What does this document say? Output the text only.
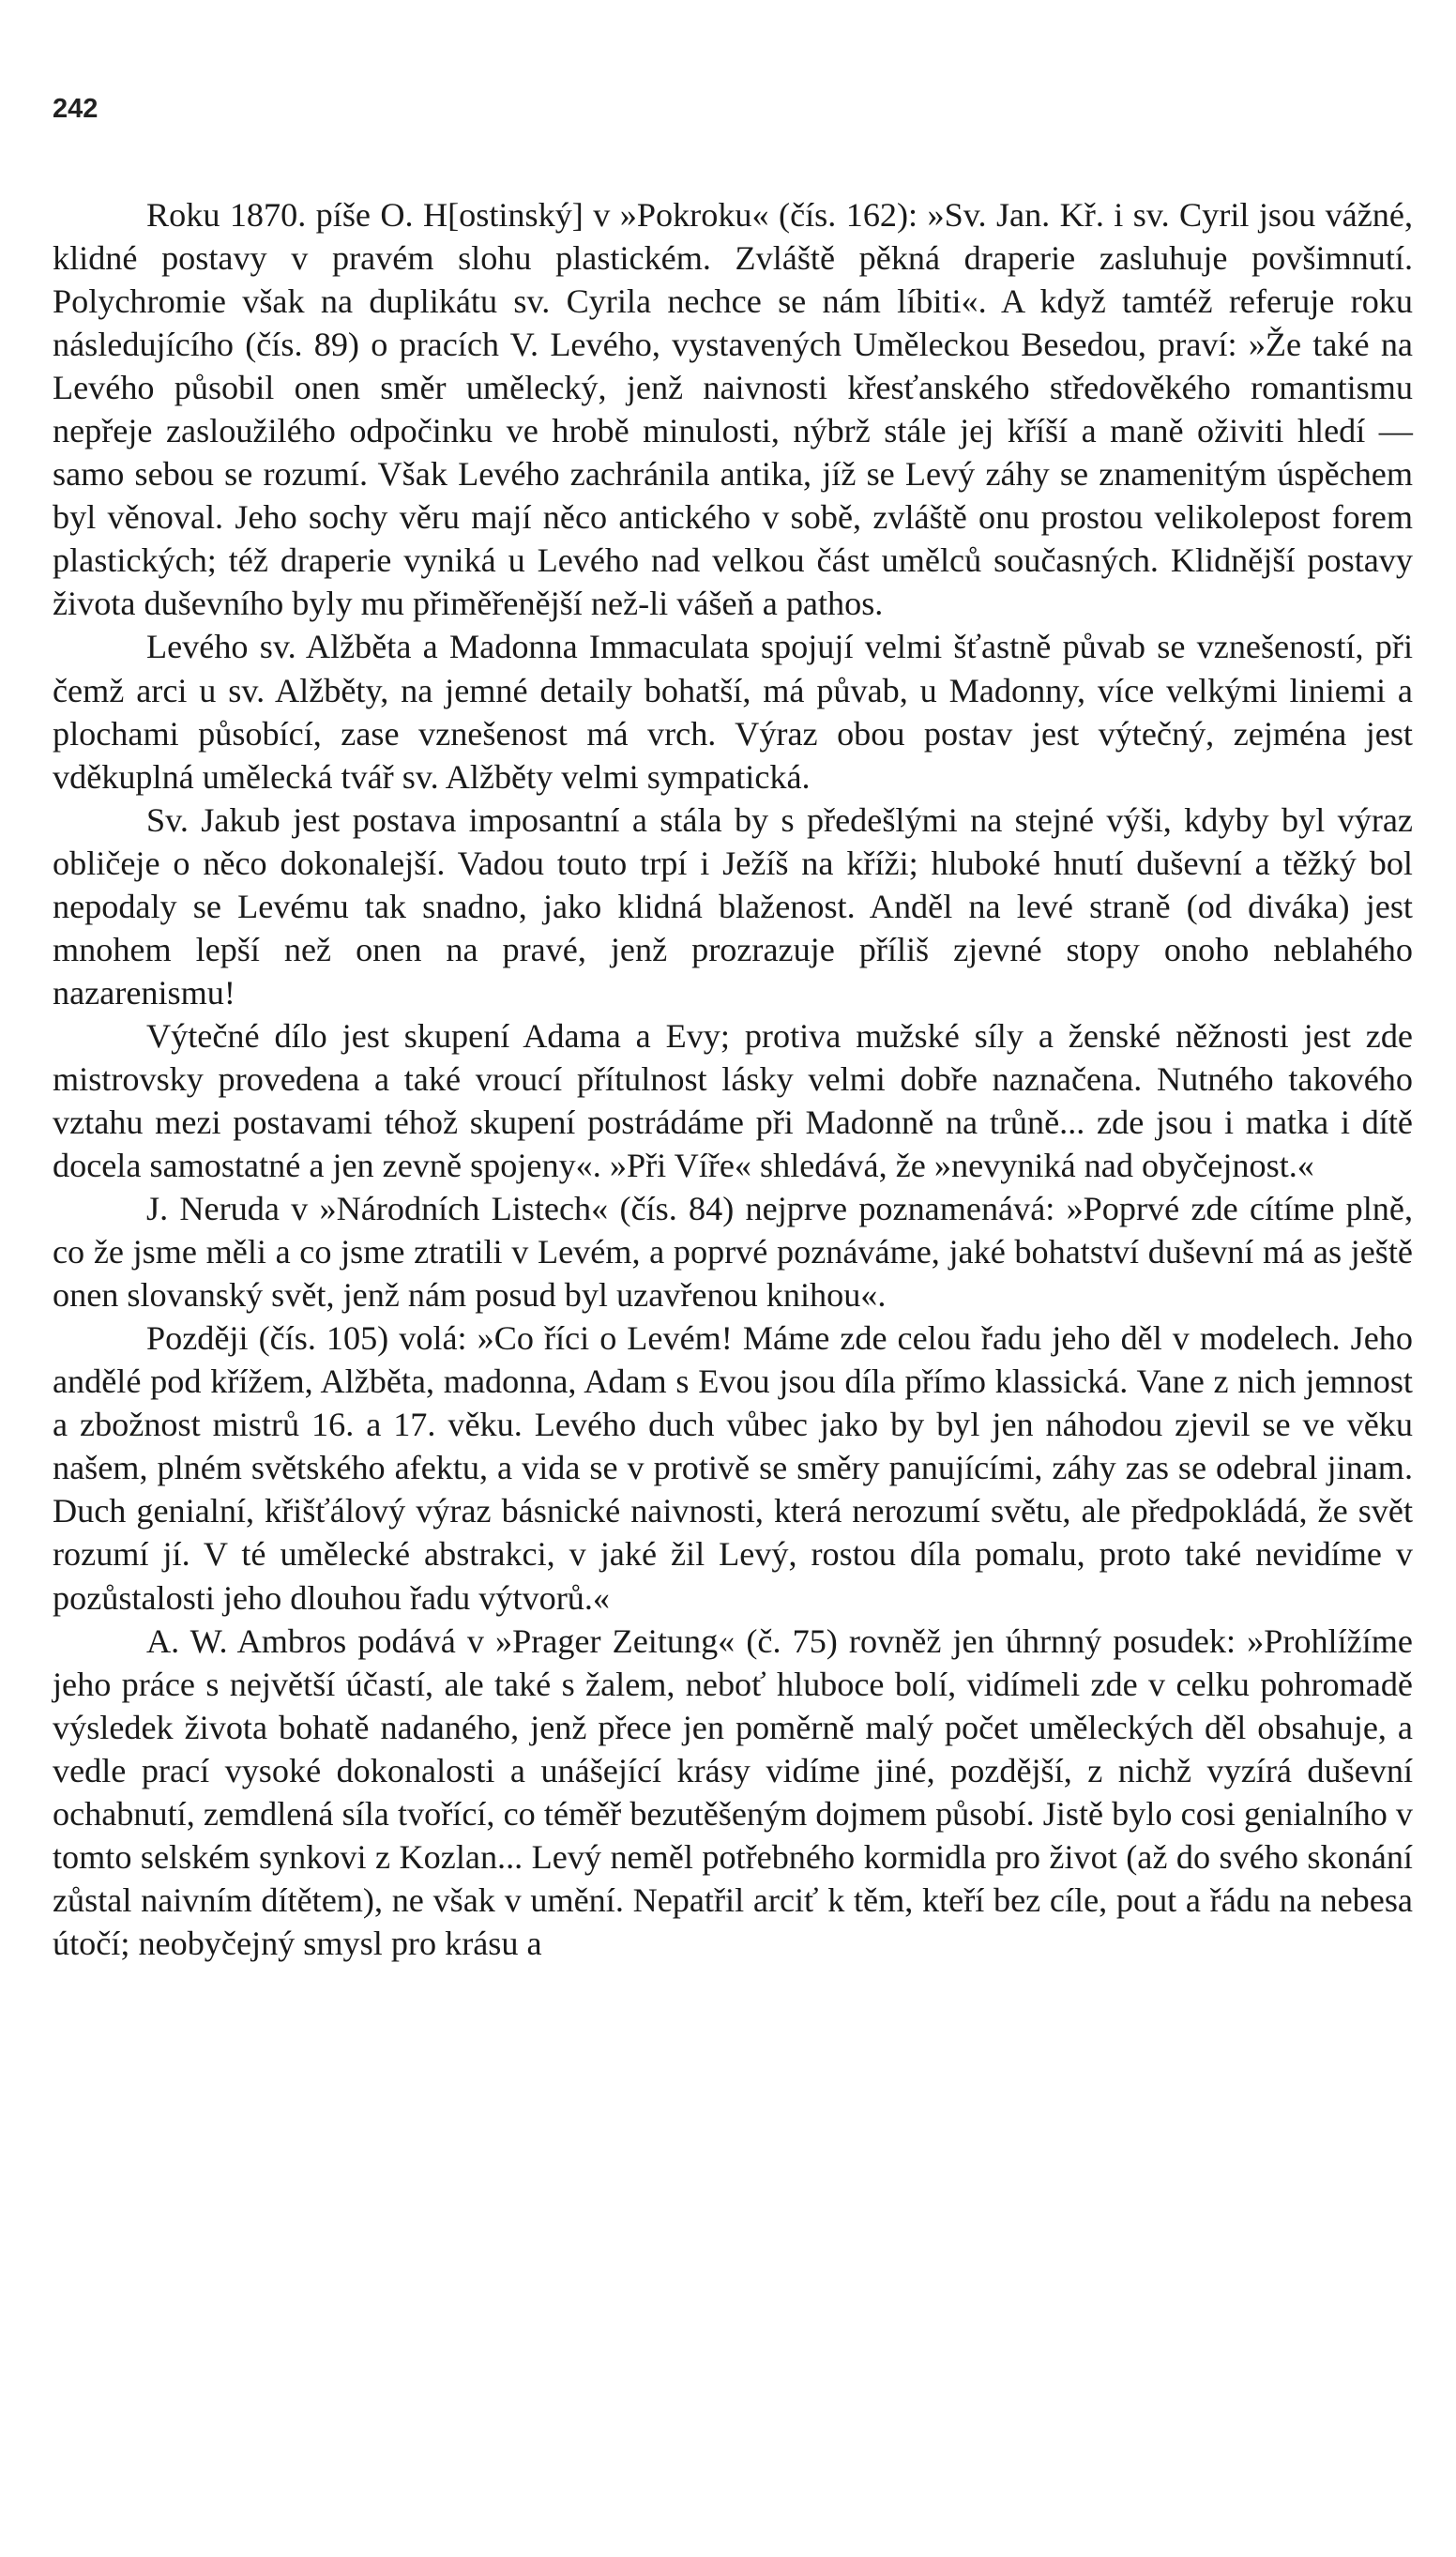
242

Roku 1870. píše O. H[ostinský] v »Pokroku« (čís. 162): »Sv. Jan. Kř. i sv. Cyril jsou vážné, klidné postavy v pravém slohu plastickém. Zvláště pěkná draperie zasluhuje povšimnutí. Polychromie však na duplikátu sv. Cyrila nechce se nám líbiti«. A když tamtéž referuje roku následujícího (čís. 89) o pracích V. Levého, vystavených Uměleckou Besedou, praví: »Že také na Levého působil onen směr umělecký, jenž naivnosti křesťanského středověkého romantismu nepřeje zasloužilého odpočinku ve hrobě minulosti, nýbrž stále jej kříší a maně oživiti hledí — samo sebou se rozumí. Však Levého zachránila antika, jíž se Levý záhy se znamenitým úspěchem byl věnoval. Jeho sochy věru mají něco antického v sobě, zvláště onu prostou velikolepost forem plastických; též draperie vyniká u Levého nad velkou část umělců současných. Klidnější postavy života duševního byly mu přiměřenější než-li vášeň a pathos.

Levého sv. Alžběta a Madonna Immaculata spojují velmi šťastně půvab se vznešeností, při čemž arci u sv. Alžběty, na jemné detaily bohatší, má půvab, u Madonny, více velkými liniemi a plochami působící, zase vznešenost má vrch. Výraz obou postav jest výtečný, zejména jest vděkuplná umělecká tvář sv. Alžběty velmi sympatická.

Sv. Jakub jest postava imposantní a stála by s předešlými na stejné výši, kdyby byl výraz obličeje o něco dokonalejší. Vadou touto trpí i Ježíš na kříži; hluboké hnutí duševní a těžký bol nepodaly se Levému tak snadno, jako klidná blaženost. Anděl na levé straně (od diváka) jest mnohem lepší než onen na pravé, jenž prozrazuje příliš zjevné stopy onoho neblahého nazarenismu!

Výtečné dílo jest skupení Adama a Evy; protiva mužské síly a ženské něžnosti jest zde mistrovsky provedena a také vroucí přítulnost lásky velmi dobře naznačena. Nutného takového vztahu mezi postavami téhož skupení postrádáme při Madonně na trůně... zde jsou i matka i dítě docela samostatné a jen zevně spojeny«. »Při Víře« shledává, že »nevyniká nad obyčejnost.«

J. Neruda v »Národních Listech« (čís. 84) nejprve poznamenává: »Poprvé zde cítíme plně, co že jsme měli a co jsme ztratili v Levém, a poprvé poznáváme, jaké bohatství duševní má as ještě onen slovanský svět, jenž nám posud byl uzavřenou knihou«.

Později (čís. 105) volá: »Co říci o Levém! Máme zde celou řadu jeho děl v modelech. Jeho andělé pod křížem, Alžběta, madonna, Adam s Evou jsou díla přímo klassická. Vane z nich jemnost a zbožnost mistrů 16. a 17. věku. Levého duch vůbec jako by byl jen náhodou zjevil se ve věku našem, plném světského afektu, a vida se v protivě se směry panujícími, záhy zas se odebral jinam. Duch genialní, křišťálový výraz básnické naivnosti, která nerozumí světu, ale předpokládá, že svět rozumí jí. V té umělecké abstrakci, v jaké žil Levý, rostou díla pomalu, proto také nevidíme v pozůstalosti jeho dlouhou řadu výtvorů.«

A. W. Ambros podává v »Prager Zeitung« (č. 75) rovněž jen úhrnný posudek: »Prohlížíme jeho práce s největší účastí, ale také s žalem, neboť hluboce bolí, vidímeli zde v celku pohromadě výsledek života bohatě nadaného, jenž přece jen poměrně malý počet uměleckých děl obsahuje, a vedle prací vysoké dokonalosti a unášející krásy vidíme jiné, pozdější, z nichž vyzírá duševní ochabnutí, zemdlená síla tvořící, co téměř bezutěšeným dojmem působí. Jistě bylo cosi genialního v tomto selském synkovi z Kozlan... Levý neměl potřebného kormidla pro život (až do svého skonání zůstal naivním dítětem), ne však v umění. Nepatřil arciť k těm, kteří bez cíle, pout a řádu na nebesa útočí; neobyčejný smysl pro krásu a
